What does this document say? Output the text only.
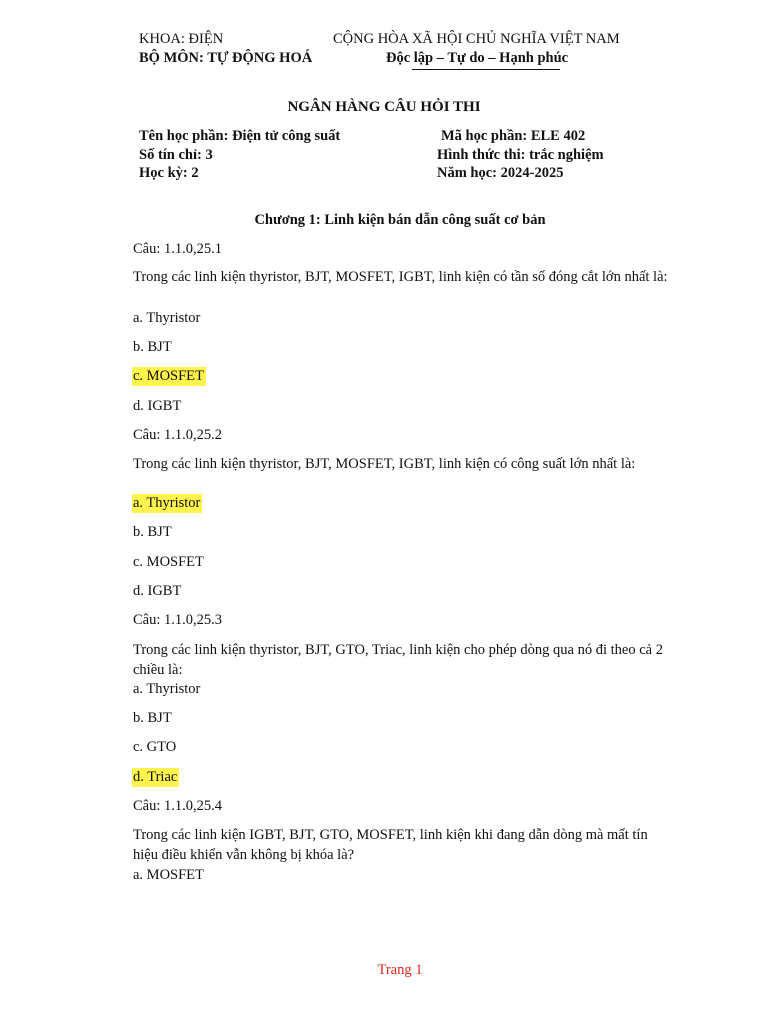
KHOA: ĐIỆN
BỘ MÔN: TỰ ĐỘNG HOÁ
CỘNG HÒA XÃ HỘI CHỦ NGHĨA VIỆT NAM
Độc lập – Tự do – Hạnh phúc
NGÂN HÀNG CÂU HỎI THI
Tên học phần: Điện tử công suất
Số tín chỉ: 3
Học kỳ: 2
Mã học phần: ELE 402
Hình thức thi: trắc nghiệm
Năm học: 2024-2025
Chương 1: Linh kiện bán dẫn công suất cơ bản
Câu: 1.1.0,25.1
Trong các linh kiện thyristor, BJT, MOSFET, IGBT, linh kiện có tần số đóng cắt lớn nhất là:
a. Thyristor
b. BJT
c. MOSFET
d. IGBT
Câu: 1.1.0,25.2
Trong các linh kiện thyristor, BJT, MOSFET, IGBT, linh kiện có công suất lớn nhất là:
a. Thyristor
b. BJT
c. MOSFET
d. IGBT
Câu: 1.1.0,25.3
Trong các linh kiện thyristor, BJT, GTO, Triac, linh kiện cho phép dòng qua nó đi theo cả 2 chiều là:
a. Thyristor
b. BJT
c. GTO
d. Triac
Câu: 1.1.0,25.4
Trong các linh kiện IGBT, BJT, GTO, MOSFET, linh kiện khi đang dẫn dòng mà mất tín hiệu điều khiển vẫn không bị khóa là?
a. MOSFET
Trang 1
